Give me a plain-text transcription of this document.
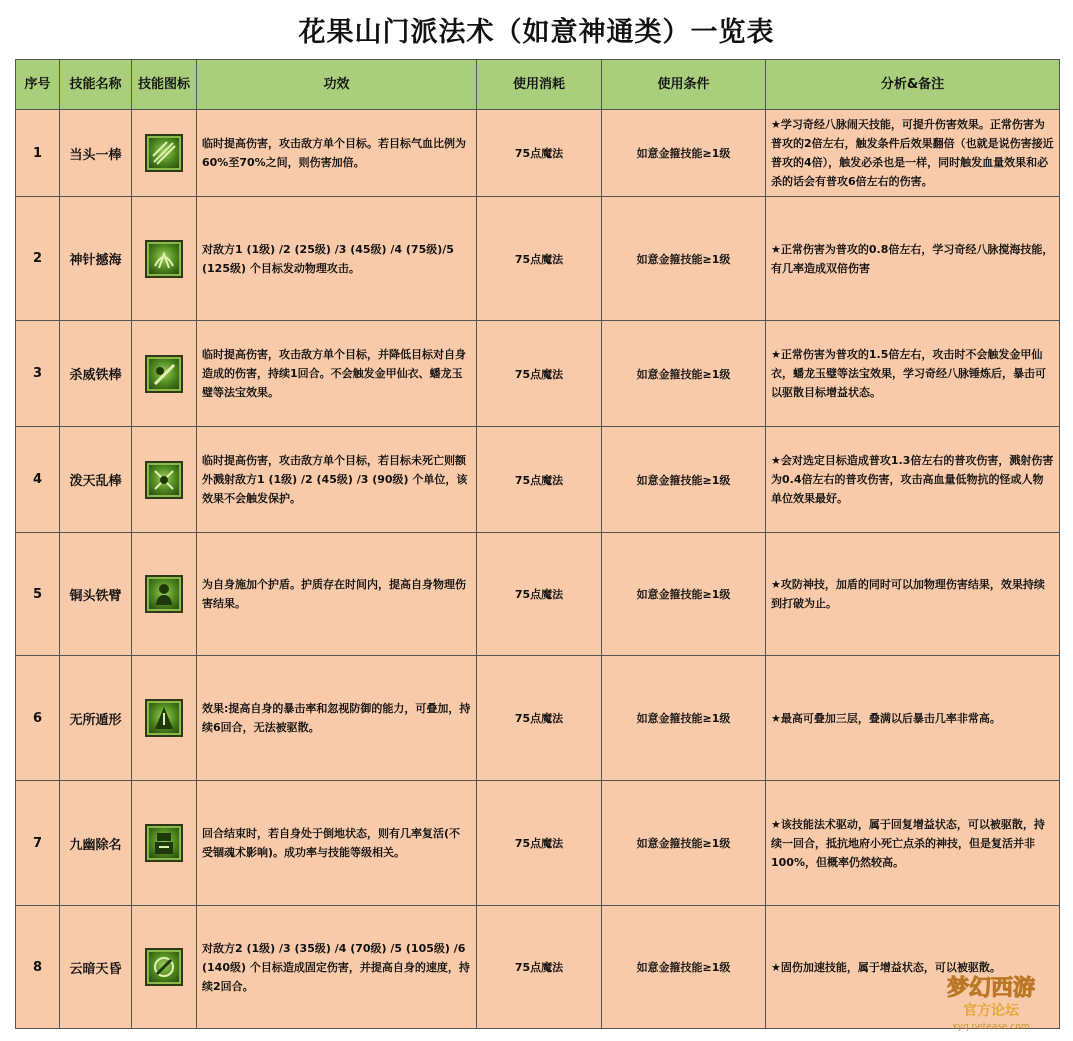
花果山门派法术（如意神通类）一览表
序号	技能名称	技能图标	功效	使用消耗	使用条件	分析&备注
1	当头一棒		临时提高伤害，攻击敌方单个目标。若目标气血比例为60%至70%之间，则伤害加倍。	75点魔法	如意金箍技能≥1级	★学习奇经八脉闹天技能，可提升伤害效果。正常伤害为普攻的2倍左右，触发条件后效果翻倍（也就是说伤害接近普攻的4倍），触发必杀也是一样，同时触发血量效果和必杀的话会有普攻6倍左右的伤害。
2	神针撼海		对敌方1 (1级) /2 (25级) /3 (45级) /4 (75级)/5 (125级) 个目标发动物理攻击。	75点魔法	如意金箍技能≥1级	★正常伤害为普攻的0.8倍左右，学习奇经八脉搅海技能，有几率造成双倍伤害
3	杀威铁棒		临时提高伤害，攻击敌方单个目标，并降低目标对自身造成的伤害，持续1回合。不会触发金甲仙衣、蟠龙玉璧等法宝效果。	75点魔法	如意金箍技能≥1级	★正常伤害为普攻的1.5倍左右，攻击时不会触发金甲仙衣，蟠龙玉璧等法宝效果，学习奇经八脉锤炼后，暴击可以驱散目标增益状态。
4	泼天乱棒		临时提高伤害，攻击敌方单个目标，若目标未死亡则额外溅射敌方1 (1级) /2 (45级) /3 (90级) 个单位，该效果不会触发保护。	75点魔法	如意金箍技能≥1级	★会对选定目标造成普攻1.3倍左右的普攻伤害，溅射伤害为0.4倍左右的普攻伤害，攻击高血量低物抗的怪或人物单位效果最好。
5	铜头铁臂		为自身施加个护盾。护质存在时间内，提高自身物理伤害结果。	75点魔法	如意金箍技能≥1级	★攻防神技，加盾的同时可以加物理伤害结果，效果持续到打破为止。
6	无所遁形		效果:提高自身的暴击率和忽视防御的能力，可叠加，持续6回合，无法被驱散。	75点魔法	如意金箍技能≥1级	★最高可叠加三层，叠满以后暴击几率非常高。
7	九幽除名		回合结束时，若自身处于倒地状态，则有几率复活(不受锢魂术影响)。成功率与技能等级相关。	75点魔法	如意金箍技能≥1级	★该技能法术驱动，属于回复增益状态，可以被驱散，持续一回合，抵抗地府小死亡点杀的神技，但是复活并非100%，但概率仍然较高。
8	云暗天昏		对敌方2 (1级) /3 (35级) /4 (70级) /5 (105级) /6 (140级) 个目标造成固定伤害，并提高自身的速度，持续2回合。	75点魔法	如意金箍技能≥1级	★固伤加速技能，属于增益状态，可以被驱散。
梦幻西游
官方论坛
xyq.netease.com
